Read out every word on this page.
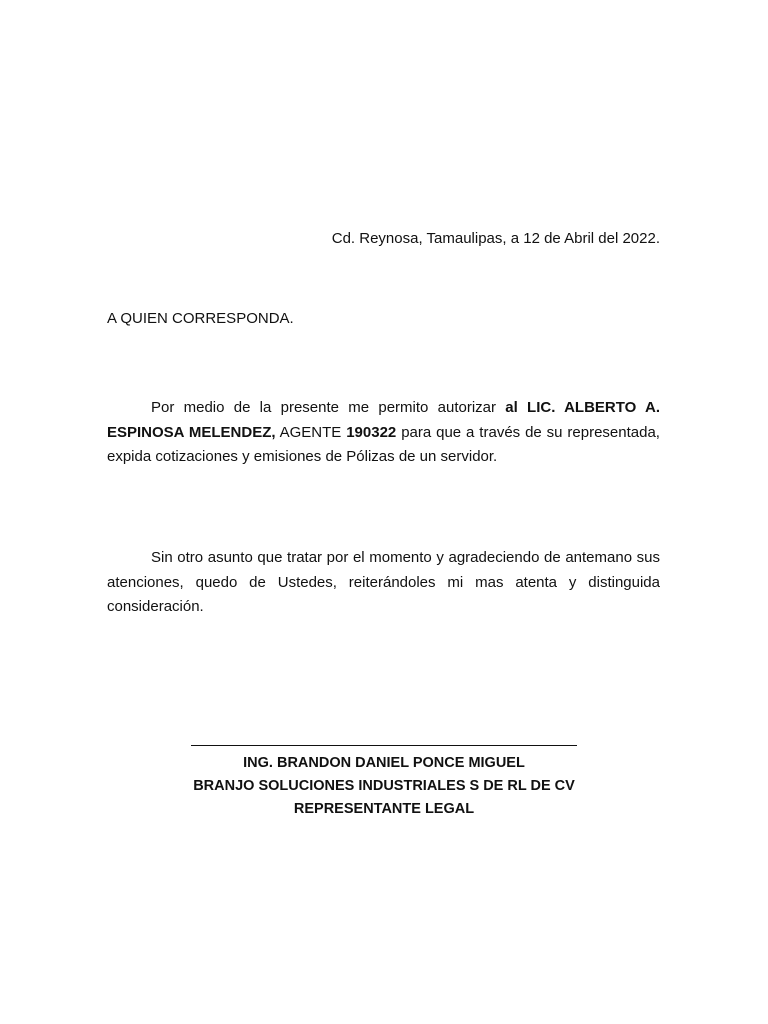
Cd. Reynosa, Tamaulipas, a 12 de Abril del 2022.
A QUIEN CORRESPONDA.

Por medio de la presente me permito autorizar al LIC. ALBERTO A. ESPINOSA MELENDEZ, AGENTE 190322 para que a través de su representada, expida cotizaciones y emisiones de Pólizas de un servidor.

Sin otro asunto que tratar por el momento y agradeciendo de antemano sus atenciones, quedo de Ustedes, reiterándoles mi mas atenta y distinguida consideración.

ING. BRANDON DANIEL PONCE MIGUEL
BRANJO SOLUCIONES INDUSTRIALES S DE RL DE CV
REPRESENTANTE LEGAL
